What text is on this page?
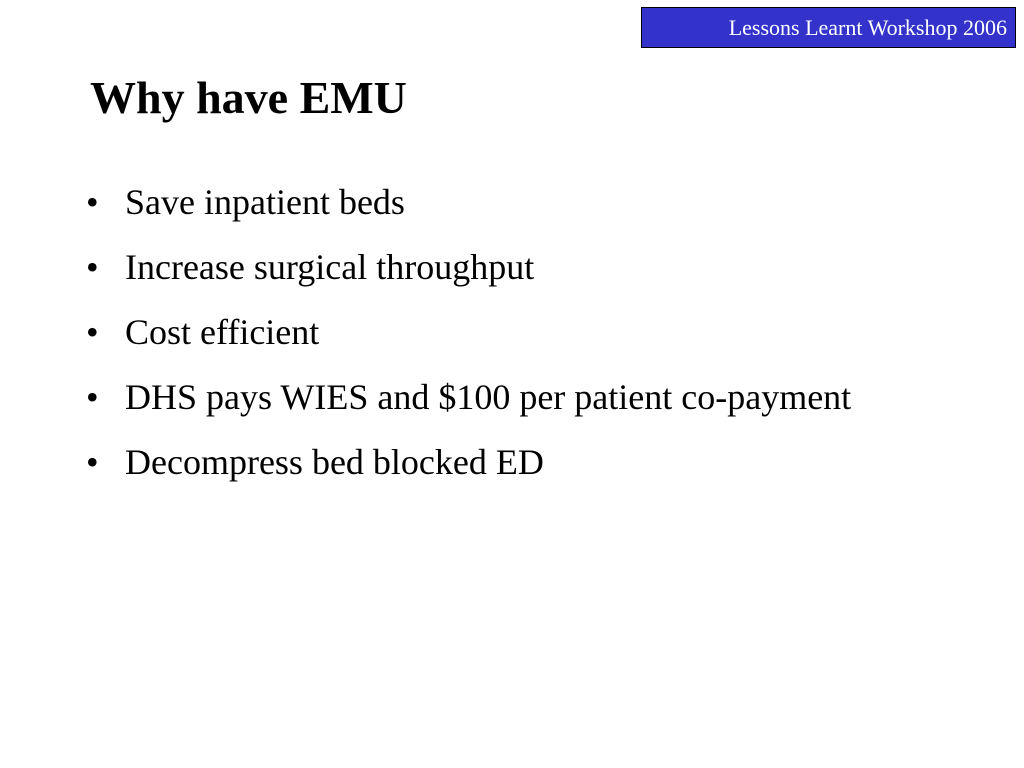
Lessons Learnt Workshop 2006
Why have EMU
• Save inpatient beds
• Increase surgical throughput
• Cost efficient
• DHS pays WIES and $100 per patient co-payment
• Decompress bed blocked ED
